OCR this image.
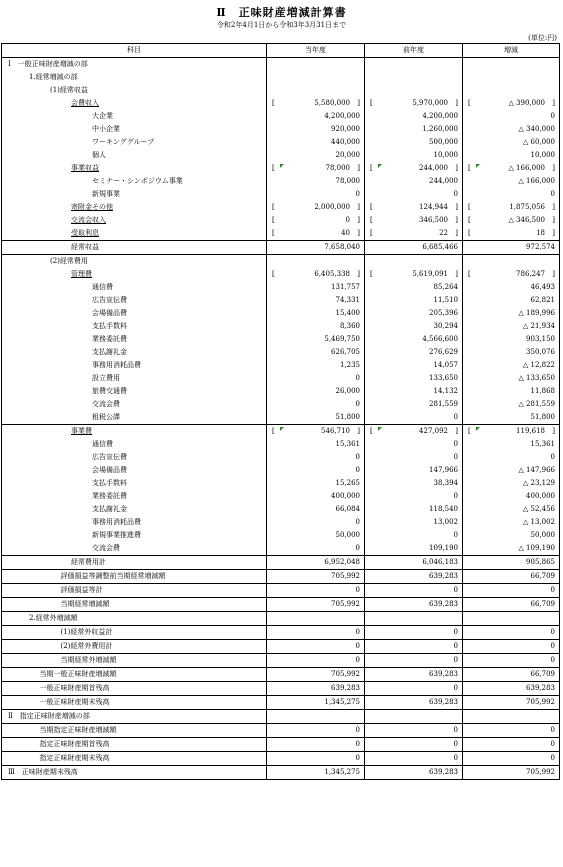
Ⅱ　正味財産増減計算書
令和2年4月1日から令和3年3月31日まで
(単位:円)
科目	当年度	前年度	増減
Ⅰ　一般正味財産増減の部			
1.経常増減の部			
(1)経常収益			
会費収入	[ 5,580,000 ]	[ 5,970,000 ]	[ △ 390,000 ]

大企業	4,200,000	4,200,000	0
中小企業	920,000	1,260,000	△ 340,000
ワーキンググループ	440,000	500,000	△ 60,000
個人	20,000	10,000	10,000
事業収益	[ 78,000 ]	[ 244,000 ]	[ △ 166,000 ]

セミナー・シンポジウム事業	78,000	244,000	△ 166,000
新規事業	0	0	0
寄附金その他	[ 2,000,000 ]	[ 124,944 ]	[ 1,875,056 ]

交流会収入	[ 0 ]	[ 346,500 ]	[ △ 346,500 ]

受取利息	[ 40 ]	[ 22 ]	[ 18 ]

経常収益	7,658,040	6,685,466	972,574
(2)経常費用			
管理費	[ 6,405,338 ]	[ 5,619,091 ]	[ 786,247 ]

通信費	131,757	85,264	46,493
広告宣伝費	74,331	11,510	62,821
会場備品費	15,400	205,396	△ 189,996
支払手数料	8,360	30,294	△ 21,934
業務委託費	5,469,750	4,566,600	903,150
支払謝礼金	626,705	276,629	350,076
事務用消耗品費	1,235	14,057	△ 12,822
設立費用	0	133,650	△ 133,650
旅費交通費	26,000	14,132	11,868
交流会費	0	281,559	△ 281,559
租税公課	51,800	0	51,800
事業費	[ 546,710 ]	[ 427,092 ]	[ 119,618 ]

通信費	15,361	0	15,361
広告宣伝費	0	0	0
会場備品費	0	147,966	△ 147,966
支払手数料	15,265	38,394	△ 23,129
業務委託費	400,000	0	400,000
支払謝礼金	66,084	118,540	△ 52,456
事務用消耗品費	0	13,002	△ 13,002
新規事業推進費	50,000	0	50,000
交流会費	0	109,190	△ 109,190
経常費用計	6,952,048	6,046,183	905,865
評価損益等調整前当期経常増減額	705,992	639,283	66,709
評価損益等計	0	0	0
当期経常増減額	705,992	639,283	66,709
2.経常外増減額			
(1)経常外収益計	0	0	0
(2)経常外費用計	0	0	0
当期経常外増減額	0	0	0
当期一般正味財産増減額	705,992	639,283	66,709
一般正味財産期首残高	639,283	0	639,283
一般正味財産期末残高	1,345,275	639,283	705,992
Ⅱ　指定正味財産増減の部			
当期指定正味財産増減額	0	0	0
指定正味財産期首残高	0	0	0
指定正味財産期末残高	0	0	0
Ⅲ　正味財産期末残高	1,345,275	639,283	705,992
